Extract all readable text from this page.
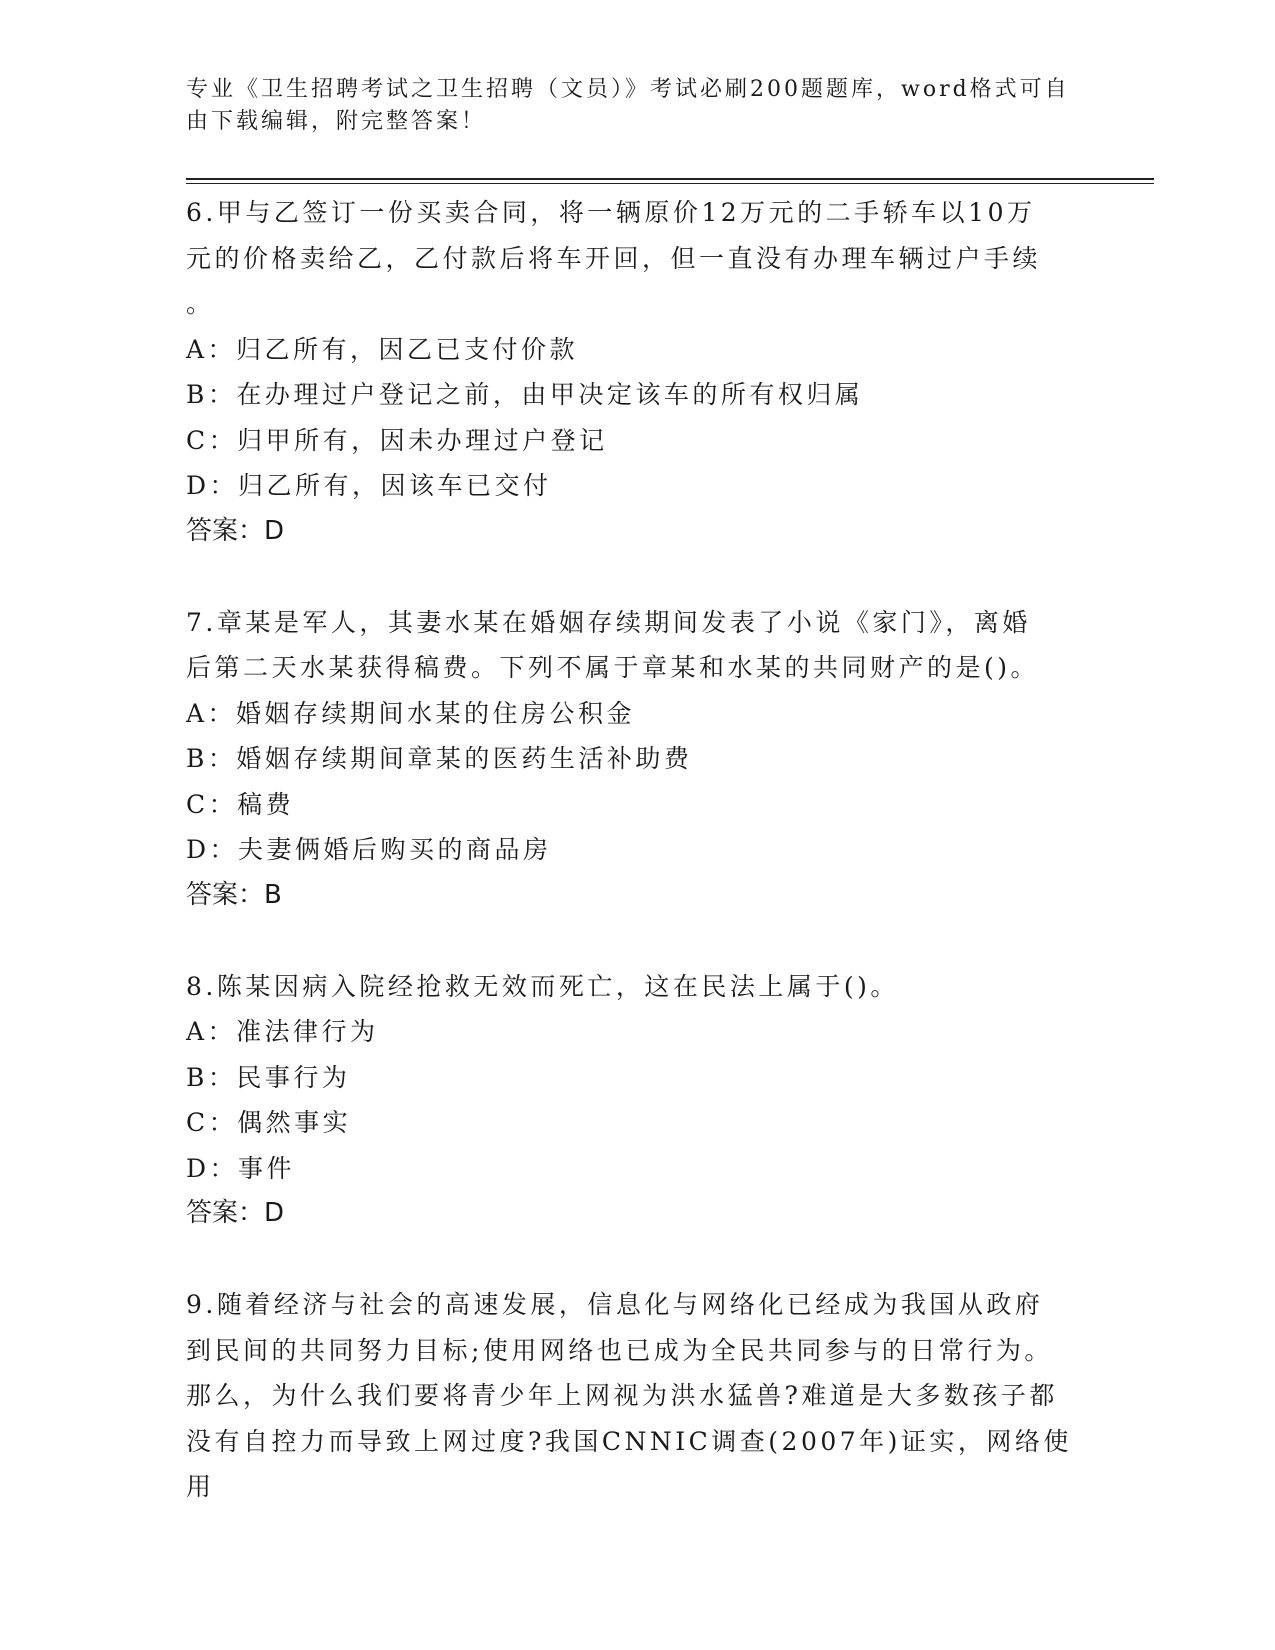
专业《卫生招聘考试之卫生招聘（文员）》考试必刷200题题库，word格式可自由下载编辑，附完整答案！

6.甲与乙签订一份买卖合同，将一辆原价12万元的二手轿车以10万

元的价格卖给乙，乙付款后将车开回，但一直没有办理车辆过户手续

。

A：归乙所有，因乙已支付价款

B：在办理过户登记之前，由甲决定该车的所有权归属

C：归甲所有，因未办理过户登记

D：归乙所有，因该车已交付

答案：D

7.章某是军人，其妻水某在婚姻存续期间发表了小说《家门》，离婚

后第二天水某获得稿费。下列不属于章某和水某的共同财产的是()。

A：婚姻存续期间水某的住房公积金

B：婚姻存续期间章某的医药生活补助费

C：稿费

D：夫妻俩婚后购买的商品房

答案：B

8.陈某因病入院经抢救无效而死亡，这在民法上属于()。

A：准法律行为

B：民事行为

C：偶然事实

D：事件

答案：D

9.随着经济与社会的高速发展，信息化与网络化已经成为我国从政府

到民间的共同努力目标;使用网络也已成为全民共同参与的日常行为。

那么，为什么我们要将青少年上网视为洪水猛兽?难道是大多数孩子都

没有自控力而导致上网过度?我国CNNIC调查(2007年)证实，网络使用
